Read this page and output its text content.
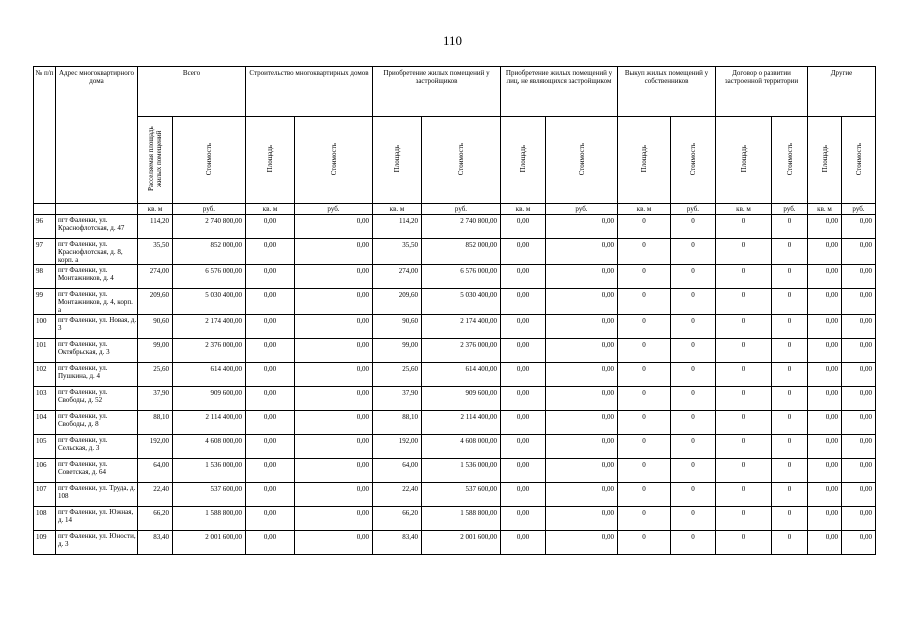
110
№ п/п	Адрес многоквартирного дома	Всего		Строительство многоквартирных домов		Приобретение жилых помещений у застройщиков		Приобретение жилых помещений у лиц, не являющихся застройщиком		Выкуп жилых помещений у собственников		Договор о развитии застроенной территории		Другие	
		Расселяемая площадь жилых помещений	Стоимость	Площадь	Стоимость	Площадь	Стоимость	Площадь	Стоимость	Площадь	Стоимость	Площадь	Стоимость	Площадь	Стоимость
		кв. м	руб.	кв. м	руб.	кв. м	руб.	кв. м	руб.	кв. м	руб.	кв. м	руб.	кв. м	руб.
96	пгт Фаленки, ул. Краснофлотская, д. 47	114,20	2 740 800,00	0,00	0,00	114,20	2 740 800,00	0,00	0,00	0	0	0	0	0,00	0,00
97	пгт Фаленки, ул. Краснофлотская, д. 8, корп. а	35,50	852 000,00	0,00	0,00	35,50	852 000,00	0,00	0,00	0	0	0	0	0,00	0,00
98	пгт Фаленки, ул. Монтажников, д. 4	274,00	6 576 000,00	0,00	0,00	274,00	6 576 000,00	0,00	0,00	0	0	0	0	0,00	0,00
99	пгт Фаленки, ул. Монтажников, д. 4, корп. а	209,60	5 030 400,00	0,00	0,00	209,60	5 030 400,00	0,00	0,00	0	0	0	0	0,00	0,00
100	пгт Фаленки, ул. Новая, д. 3	90,60	2 174 400,00	0,00	0,00	90,60	2 174 400,00	0,00	0,00	0	0	0	0	0,00	0,00
101	пгт Фаленки, ул. Октябрьская, д. 3	99,00	2 376 000,00	0,00	0,00	99,00	2 376 000,00	0,00	0,00	0	0	0	0	0,00	0,00
102	пгт Фаленки, ул. Пушкина, д. 4	25,60	614 400,00	0,00	0,00	25,60	614 400,00	0,00	0,00	0	0	0	0	0,00	0,00
103	пгт Фаленки, ул. Свободы, д. 52	37,90	909 600,00	0,00	0,00	37,90	909 600,00	0,00	0,00	0	0	0	0	0,00	0,00
104	пгт Фаленки, ул. Свободы, д. 8	88,10	2 114 400,00	0,00	0,00	88,10	2 114 400,00	0,00	0,00	0	0	0	0	0,00	0,00
105	пгт Фаленки, ул. Сельская, д. 3	192,00	4 608 000,00	0,00	0,00	192,00	4 608 000,00	0,00	0,00	0	0	0	0	0,00	0,00
106	пгт Фаленки, ул. Советская, д. 64	64,00	1 536 000,00	0,00	0,00	64,00	1 536 000,00	0,00	0,00	0	0	0	0	0,00	0,00
107	пгт Фаленки, ул. Труда, д. 108	22,40	537 600,00	0,00	0,00	22,40	537 600,00	0,00	0,00	0	0	0	0	0,00	0,00
108	пгт Фаленки, ул. Южная, д. 14	66,20	1 588 800,00	0,00	0,00	66,20	1 588 800,00	0,00	0,00	0	0	0	0	0,00	0,00
109	пгт Фаленки, ул. Юности, д. 3	83,40	2 001 600,00	0,00	0,00	83,40	2 001 600,00	0,00	0,00	0	0	0	0	0,00	0,00
